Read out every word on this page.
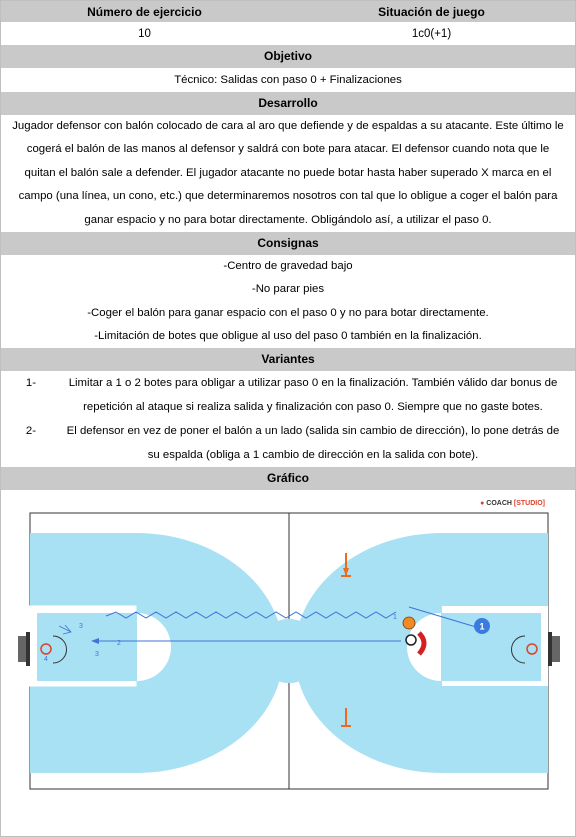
Número de ejercicio	Situación de juego
10	1c0(+1)
Objetivo
Técnico: Salidas con paso 0 + Finalizaciones
Desarrollo
Jugador defensor con balón colocado de cara al aro que defiende y de espaldas a su atacante. Este último le
cogerá el balón de las manos al defensor y saldrá con bote para atacar. El defensor cuando nota que le
quitan el balón sale a defender. El jugador atacante no puede botar hasta haber superado X marca en el
campo (una línea, un cono, etc.) que determinaremos nosotros con tal que lo obligue a coger el balón para
ganar espacio y no para botar directamente. Obligándolo así, a utilizar el paso 0.
Consignas
-Centro de gravedad bajo
-No parar pies
-Coger el balón para ganar espacio con el paso 0 y no para botar directamente.
-Limitación de botes que obligue al uso del paso 0 también en la finalización.
Variantes
1-	Limitar a 1 o 2 botes para obligar a utilizar paso 0 en la finalización. También válido dar bonus de
repetición al ataque si realiza salida y finalización con paso 0. Siempre que no gaste botes.
2-	El defensor en vez de poner el balón a un lado (salida sin cambio de dirección), lo pone detrás de
su espalda (obliga a 1 cambio de dirección en la salida con bote).
Gráfico
● COACH [STUDIO]
1
1
2
3
4
3
